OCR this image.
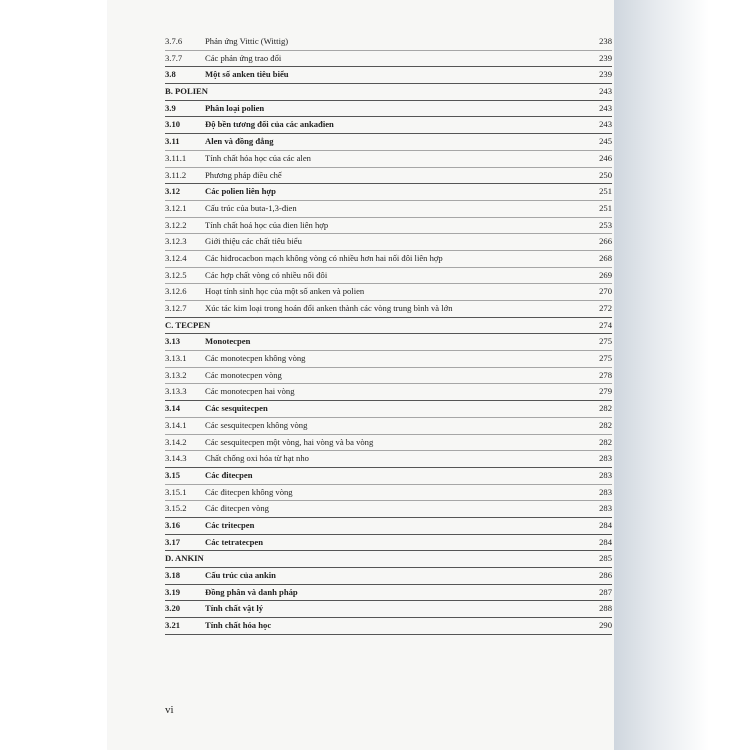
3.7.6	Phản ứng Vittic (Wittig)	238
3.7.7	Các phản ứng trao đổi	239
3.8	Một số anken tiêu biểu	239
B. POLIEN	243
3.9	Phân loại polien	243
3.10	Độ bền tương đối của các ankađien	243
3.11	Alen và đồng đẳng	245
3.11.1 Tính chất hóa học của các alen	246
3.11.2 Phương pháp điều chế	250
3.12	Các polien liên hợp	251
3.12.1 Cấu trúc của buta-1,3-đien	251
3.12.2 Tính chất hoá học của đien liên hợp	253
3.12.3 Giới thiệu các chất tiêu biểu	266
3.12.4 Các hiđrocacbon mạch không vòng có nhiều hơn hai nối đôi liên hợp	268
3.12.5 Các hợp chất vòng có nhiều nối đôi	269
3.12.6 Hoạt tính sinh học của một số anken và polien	270
3.12.7 Xúc tác kim loại trong hoán đổi anken thành các vòng trung bình và lớn	272
C. TECPEN	274
3.13	Monotecpen	275
3.13.1 Các monotecpen không vòng	275
3.13.2 Các monotecpen vòng	278
3.13.3 Các monotecpen hai vòng	279
3.14	Các sesquitecpen	282
3.14.1 Các sesquitecpen không vòng	282
3.14.2 Các sesquitecpen một vòng, hai vòng và ba vòng	282
3.14.3 Chất chống oxi hóa từ hạt nho	283
3.15	Các đitecpen	283
3.15.1 Các đitecpen không vòng	283
3.15.2 Các đitecpen vòng	283
3.16	Các tritecpen	284
3.17	Các tetratecpen	284
D. ANKIN	285
3.18	Cấu trúc của ankin	286
3.19	Đồng phân và danh pháp	287
3.20	Tính chất vật lý	288
3.21	Tính chất hóa học	290
vi
